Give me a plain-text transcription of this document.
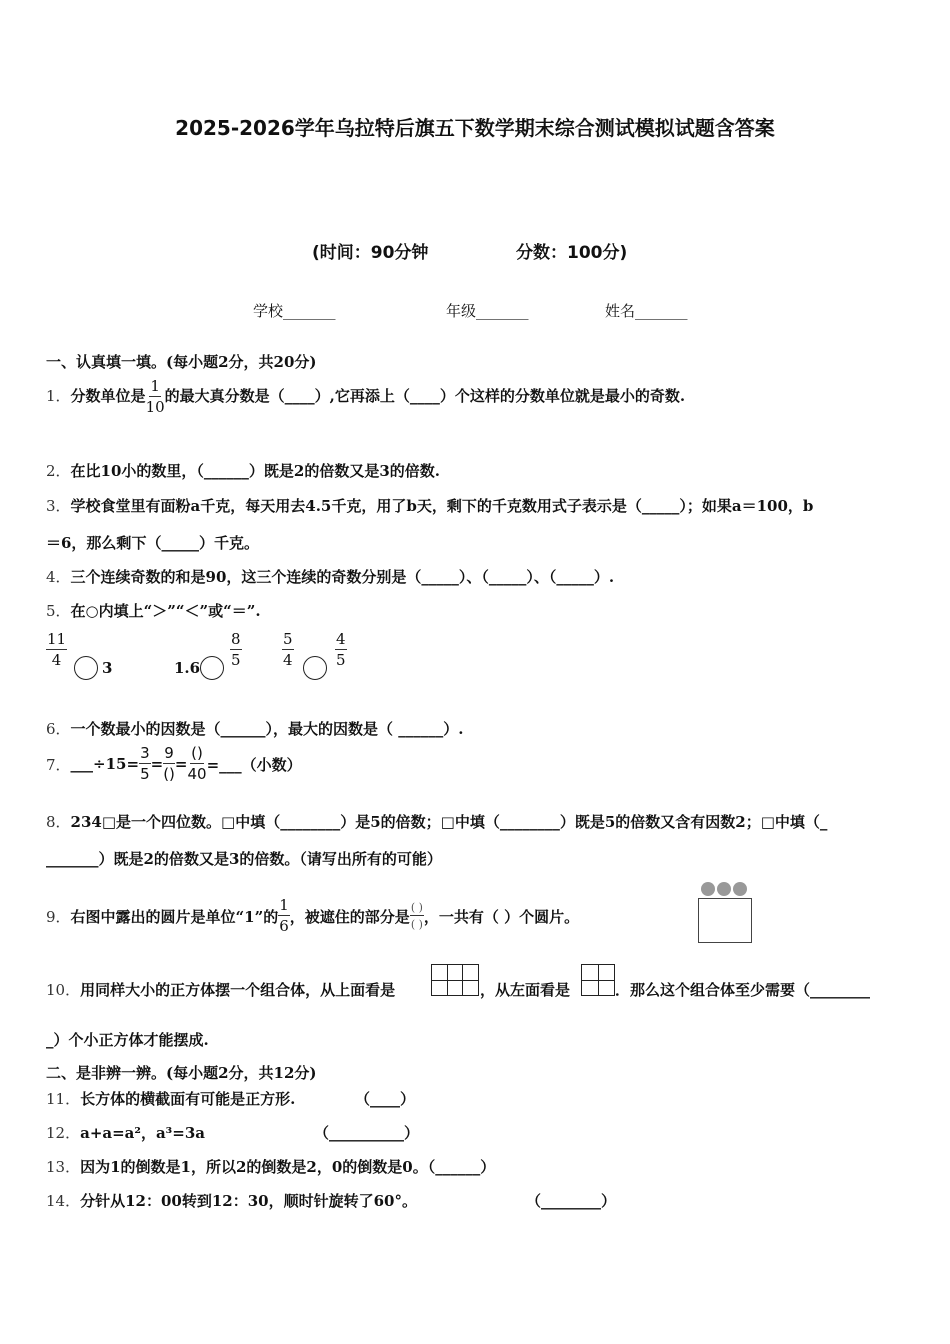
2025-2026学年乌拉特后旗五下数学期末综合测试模拟试题含答案
(时间：90分钟	分数：100分)
学校_______	年级_______	姓名_______
一、认真填一填。(每小题2分，共20分)
1．分数单位是 $\frac{1}{10}$ 的最大真分数是（____）,它再添上（____）个这样的分数单位就是最小的奇数.
2．在比10小的数里，（______）既是2的倍数又是3的倍数.
3．学校食堂里有面粉a千克，每天用去4.5千克，用了b天，剩下的千克数用式子表示是（_____）；如果a＝100，b
＝6，那么剩下（_____）千克。
4．三个连续奇数的和是90，这三个连续的奇数分别是（_____）、（_____）、（_____）.
5．在○内填上“＞”“＜”或“＝”.
$\frac{11}{4} 3$	$1.6 \frac{8}{5}$	$\frac{5}{4}$	$\frac{4}{5}$
6．一个数最小的因数是（______），最大的因数是（ ______）.
7． ___÷15= $\frac{3}{5} = \frac{9}{()} = \frac{()}{40}$ =___（小数）
8．234□是一个四位数。□中填（________）是5的倍数；□中填（________）既是5的倍数又含有因数2；□中填（_
_______）既是2的倍数又是3的倍数。（请写出所有的可能）
9． 右图中露出的圆片是单位“1”的 $\frac{1}{6}$ ，被遮住的部分是 $\frac{( )}{( )}$ ，一共有（ ）个圆片。
10．用同样大小的正方体摆一个组合体，从上面看是	，从左面看是	．那么这个组合体至少需要（________
_）个小正方体才能摆成.
二、是非辨一辨。(每小题2分，共12分)
11．长方体的横截面有可能是正方形.	（____）
12．a+a=a²，a³=3a	（__________）
13．因为1的倒数是1，所以2的倒数是2，0的倒数是0。（______）
14．分针从12：00转到12：30，顺时针旋转了60°。	（________）
